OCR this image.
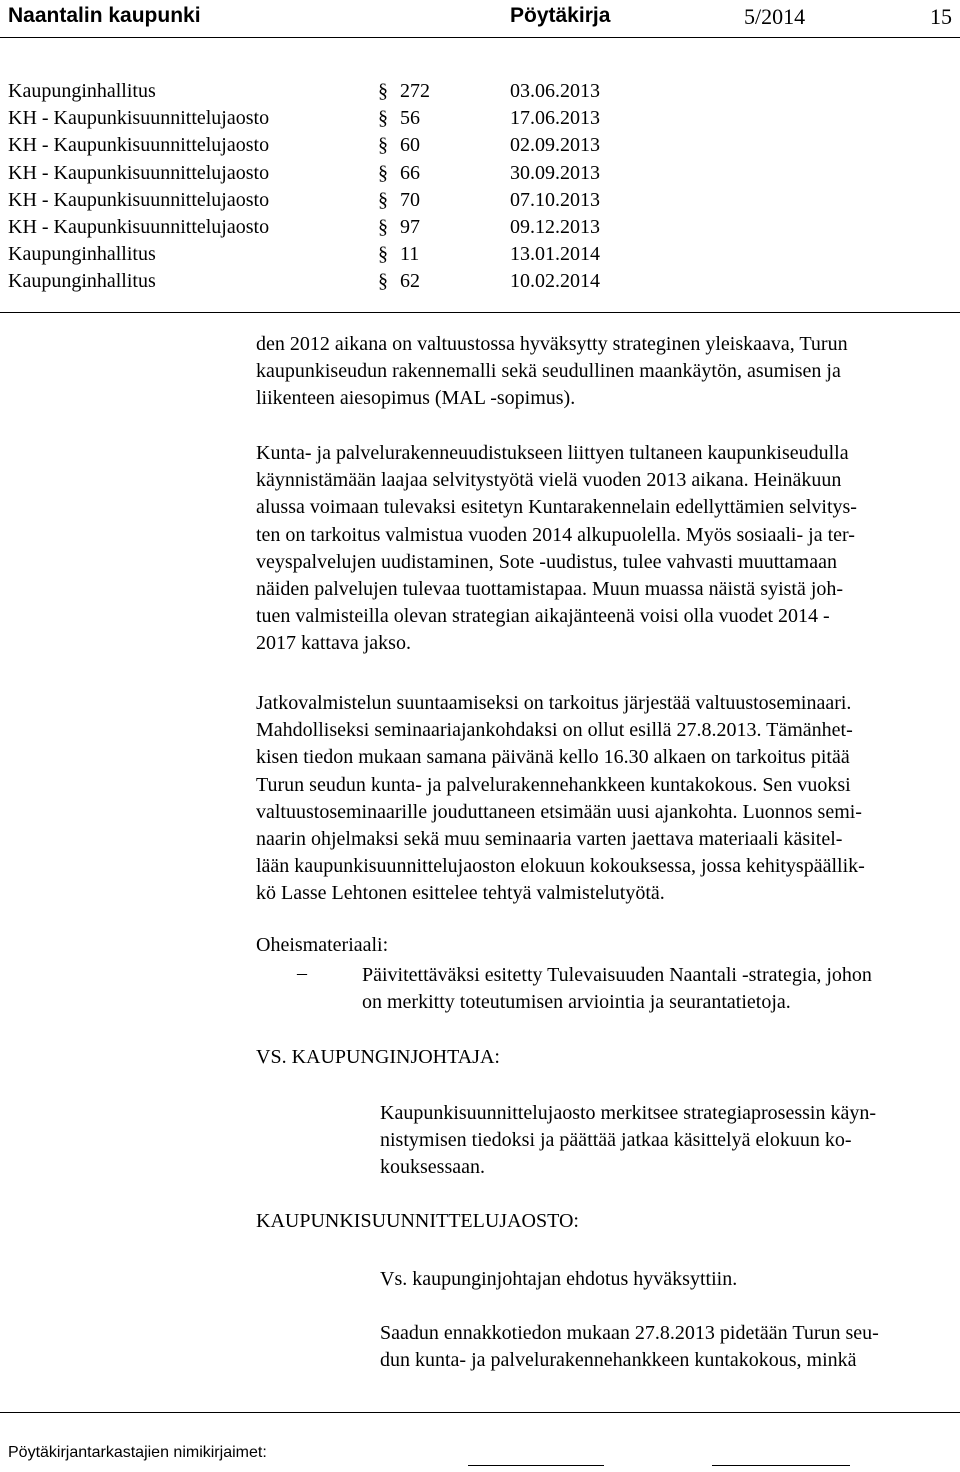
Naantalin kaupunki	Pöytäkirja	5/2014	15
Kaupunginhallitus	§ 272	03.06.2013
KH - Kaupunkisuunnittelujaosto	§ 56	17.06.2013
KH - Kaupunkisuunnittelujaosto	§ 60	02.09.2013
KH - Kaupunkisuunnittelujaosto	§ 66	30.09.2013
KH - Kaupunkisuunnittelujaosto	§ 70	07.10.2013
KH - Kaupunkisuunnittelujaosto	§ 97	09.12.2013
Kaupunginhallitus	§ 11	13.01.2014
Kaupunginhallitus	§ 62	10.02.2014
den 2012 aikana on valtuustossa hyväksytty strateginen yleiskaava, Turun
kaupunkiseudun rakennemalli sekä seudullinen maankäytön, asumisen ja
liikenteen aiesopimus (MAL -sopimus).
Kunta- ja palvelurakenneuudistukseen liittyen tultaneen kaupunkiseudulla
käynnistämään laajaa selvitystyötä vielä vuoden 2013 aikana. Heinäkuun
alussa voimaan tulevaksi esitetyn Kuntarakennelain edellyttämien selvitys-
ten on tarkoitus valmistua vuoden 2014 alkupuolella. Myös sosiaali- ja ter-
veyspalvelujen uudistaminen, Sote -uudistus, tulee vahvasti muuttamaan
näiden palvelujen tulevaa tuottamistapaa. Muun muassa näistä syistä joh-
tuen valmisteilla olevan strategian aikajänteenä voisi olla vuodet 2014 -
2017 kattava jakso.
Jatkovalmistelun suuntaamiseksi on tarkoitus järjestää valtuustoseminaari.
Mahdolliseksi seminaariajankohdaksi on ollut esillä 27.8.2013. Tämänhet-
kisen tiedon mukaan samana päivänä kello 16.30 alkaen on tarkoitus pitää
Turun seudun kunta- ja palvelurakennehankkeen kuntakokous. Sen vuoksi
valtuustoseminaarille jouduttaneen etsimään uusi ajankohta. Luonnos semi-
naarin ohjelmaksi sekä muu seminaaria varten jaettava materiaali käsitel-
lään kaupunkisuunnittelujaoston elokuun kokouksessa, jossa kehityspäällik-
kö Lasse Lehtonen esittelee tehtyä valmistelutyötä.
Oheismateriaali:
–	Päivitettäväksi esitetty Tulevaisuuden Naantali -strategia, johon
on merkitty toteutumisen arviointia ja seurantatietoja.
VS. KAUPUNGINJOHTAJA:
Kaupunkisuunnittelujaosto merkitsee strategiaprosessin käyn-
nistymisen tiedoksi ja päättää jatkaa käsittelyä elokuun ko-
kouksessaan.
KAUPUNKISUUNNITTELUJAOSTO:
Vs. kaupunginjohtajan ehdotus hyväksyttiin.
Saadun ennakkotiedon mukaan 27.8.2013 pidetään Turun seu-
dun kunta- ja palvelurakennehankkeen kuntakokous, minkä
Pöytäkirjantarkastajien nimikirjaimet:
